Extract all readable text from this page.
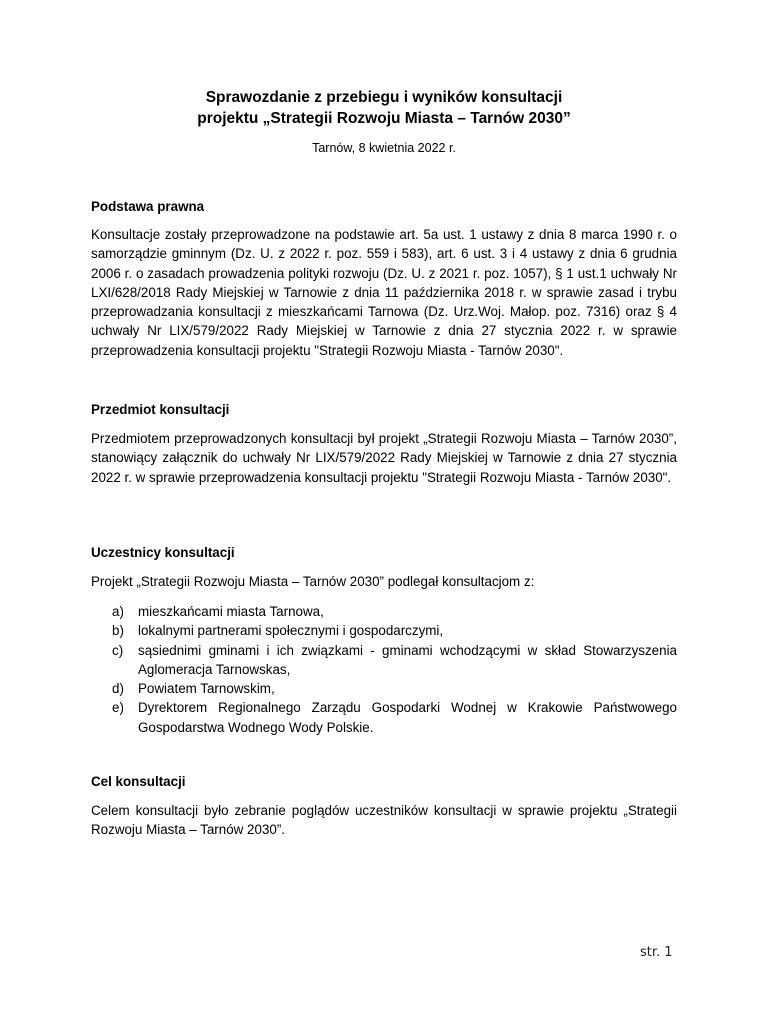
Sprawozdanie z przebiegu i wyników konsultacji
projektu „Strategii Rozwoju Miasta – Tarnów 2030”
Tarnów, 8 kwietnia 2022 r.
Podstawa prawna
Konsultacje zostały przeprowadzone na podstawie art. 5a ust. 1 ustawy z dnia 8 marca 1990 r. o samorządzie gminnym (Dz. U. z 2022 r. poz. 559 i 583), art. 6 ust. 3 i 4 ustawy z dnia 6 grudnia 2006 r. o zasadach prowadzenia polityki rozwoju (Dz. U. z 2021 r. poz. 1057), § 1 ust.1 uchwały Nr LXI/628/2018 Rady Miejskiej w Tarnowie z dnia 11 października 2018 r. w sprawie zasad i trybu przeprowadzania konsultacji z mieszkańcami Tarnowa (Dz. Urz.Woj. Małop. poz. 7316) oraz § 4 uchwały Nr LIX/579/2022 Rady Miejskiej w Tarnowie z dnia 27 stycznia 2022 r. w sprawie przeprowadzenia konsultacji projektu "Strategii Rozwoju Miasta - Tarnów 2030".
Przedmiot konsultacji
Przedmiotem przeprowadzonych konsultacji był projekt „Strategii Rozwoju Miasta – Tarnów 2030”, stanowiący załącznik do uchwały Nr LIX/579/2022 Rady Miejskiej w Tarnowie z dnia 27 stycznia 2022 r. w sprawie przeprowadzenia konsultacji projektu "Strategii Rozwoju Miasta - Tarnów 2030".
Uczestnicy konsultacji
Projekt „Strategii Rozwoju Miasta – Tarnów 2030” podlegał konsultacjom z:
a) mieszkańcami miasta Tarnowa,
b) lokalnymi partnerami społecznymi i gospodarczymi,
c) sąsiednimi gminami i ich związkami - gminami wchodzącymi w skład Stowarzyszenia Aglomeracja Tarnowskas,
d) Powiatem Tarnowskim,
e) Dyrektorem Regionalnego Zarządu Gospodarki Wodnej w Krakowie Państwowego Gospodarstwa Wodnego Wody Polskie.
Cel konsultacji
Celem konsultacji było zebranie poglądów uczestników konsultacji w sprawie projektu „Strategii Rozwoju Miasta – Tarnów 2030”.
str. 1
